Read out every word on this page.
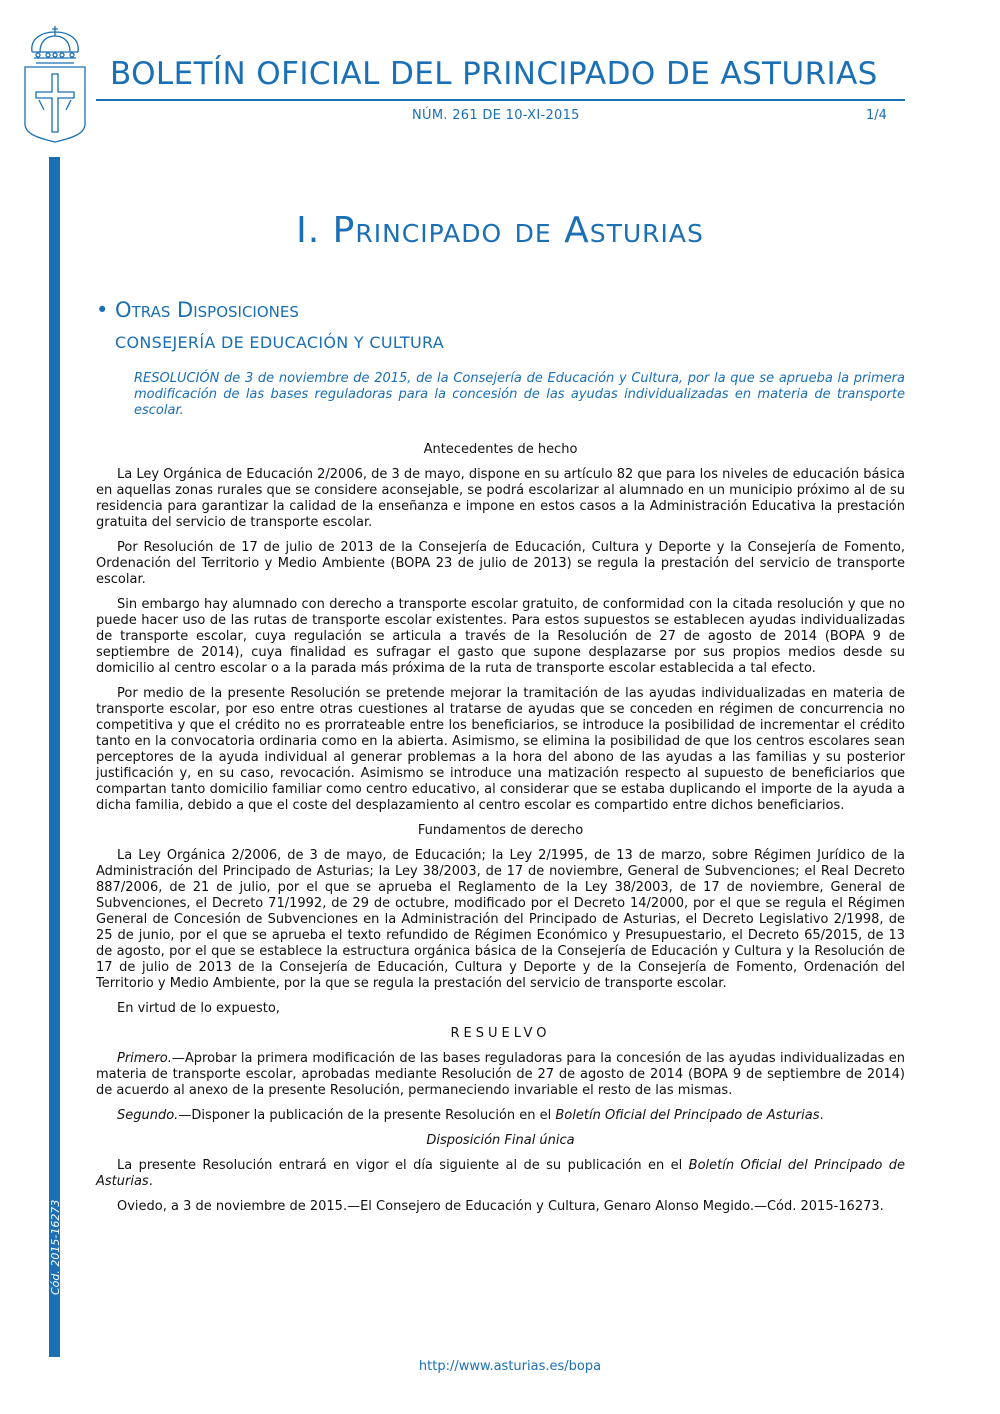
BOLETÍN OFICIAL DEL PRINCIPADO DE ASTURIAS
NÚM. 261 DE 10-XI-2015	1/4
Cód. 2015-16273
I. Principado de Asturias
• Otras Disposiciones
CONSEJERÍA DE EDUCACIÓN Y CULTURA
RESOLUCIÓN de 3 de noviembre de 2015, de la Consejería de Educación y Cultura, por la que se aprueba la primera modificación de las bases reguladoras para la concesión de las ayudas individualizadas en materia de transporte escolar.
Antecedentes de hecho

La Ley Orgánica de Educación 2/2006, de 3 de mayo, dispone en su artículo 82 que para los niveles de educación básica en aquellas zonas rurales que se considere aconsejable, se podrá escolarizar al alumnado en un municipio próximo al de su residencia para garantizar la calidad de la enseñanza e impone en estos casos a la Administración Educativa la prestación gratuita del servicio de transporte escolar.

Por Resolución de 17 de julio de 2013 de la Consejería de Educación, Cultura y Deporte y la Consejería de Fomento, Ordenación del Territorio y Medio Ambiente (BOPA 23 de julio de 2013) se regula la prestación del servicio de transporte escolar.

Sin embargo hay alumnado con derecho a transporte escolar gratuito, de conformidad con la citada resolución y que no puede hacer uso de las rutas de transporte escolar existentes. Para estos supuestos se establecen ayudas individualizadas de transporte escolar, cuya regulación se articula a través de la Resolución de 27 de agosto de 2014 (BOPA 9 de septiembre de 2014), cuya finalidad es sufragar el gasto que supone desplazarse por sus propios medios desde su domicilio al centro escolar o a la parada más próxima de la ruta de transporte escolar establecida a tal efecto.

Por medio de la presente Resolución se pretende mejorar la tramitación de las ayudas individualizadas en materia de transporte escolar, por eso entre otras cuestiones al tratarse de ayudas que se conceden en régimen de concurrencia no competitiva y que el crédito no es prorrateable entre los beneficiarios, se introduce la posibilidad de incrementar el crédito tanto en la convocatoria ordinaria como en la abierta. Asimismo, se elimina la posibilidad de que los centros escolares sean perceptores de la ayuda individual al generar problemas a la hora del abono de las ayudas a las familias y su posterior justificación y, en su caso, revocación. Asimismo se introduce una matización respecto al supuesto de beneficiarios que compartan tanto domicilio familiar como centro educativo, al considerar que se estaba duplicando el importe de la ayuda a dicha familia, debido a que el coste del desplazamiento al centro escolar es compartido entre dichos beneficiarios.

Fundamentos de derecho

La Ley Orgánica 2/2006, de 3 de mayo, de Educación; la Ley 2/1995, de 13 de marzo, sobre Régimen Jurídico de la Administración del Principado de Asturias; la Ley 38/2003, de 17 de noviembre, General de Subvenciones; el Real Decreto 887/2006, de 21 de julio, por el que se aprueba el Reglamento de la Ley 38/2003, de 17 de noviembre, General de Subvenciones, el Decreto 71/1992, de 29 de octubre, modificado por el Decreto 14/2000, por el que se regula el Régimen General de Concesión de Subvenciones en la Administración del Principado de Asturias, el Decreto Legislativo 2/1998, de 25 de junio, por el que se aprueba el texto refundido de Régimen Económico y Presupuestario, el Decreto 65/2015, de 13 de agosto, por el que se establece la estructura orgánica básica de la Consejería de Educación y Cultura y la Resolución de 17 de julio de 2013 de la Consejería de Educación, Cultura y Deporte y de la Consejería de Fomento, Ordenación del Territorio y Medio Ambiente, por la que se regula la prestación del servicio de transporte escolar.

En virtud de lo expuesto,

RESUELVO

Primero.—Aprobar la primera modificación de las bases reguladoras para la concesión de las ayudas individualizadas en materia de transporte escolar, aprobadas mediante Resolución de 27 de agosto de 2014 (BOPA 9 de septiembre de 2014) de acuerdo al anexo de la presente Resolución, permaneciendo invariable el resto de las mismas.

Segundo.—Disponer la publicación de la presente Resolución en el Boletín Oficial del Principado de Asturias.

Disposición Final única

La presente Resolución entrará en vigor el día siguiente al de su publicación en el Boletín Oficial del Principado de Asturias.

Oviedo, a 3 de noviembre de 2015.—El Consejero de Educación y Cultura, Genaro Alonso Megido.—Cód. 2015-16273.

http://www.asturias.es/bopa
